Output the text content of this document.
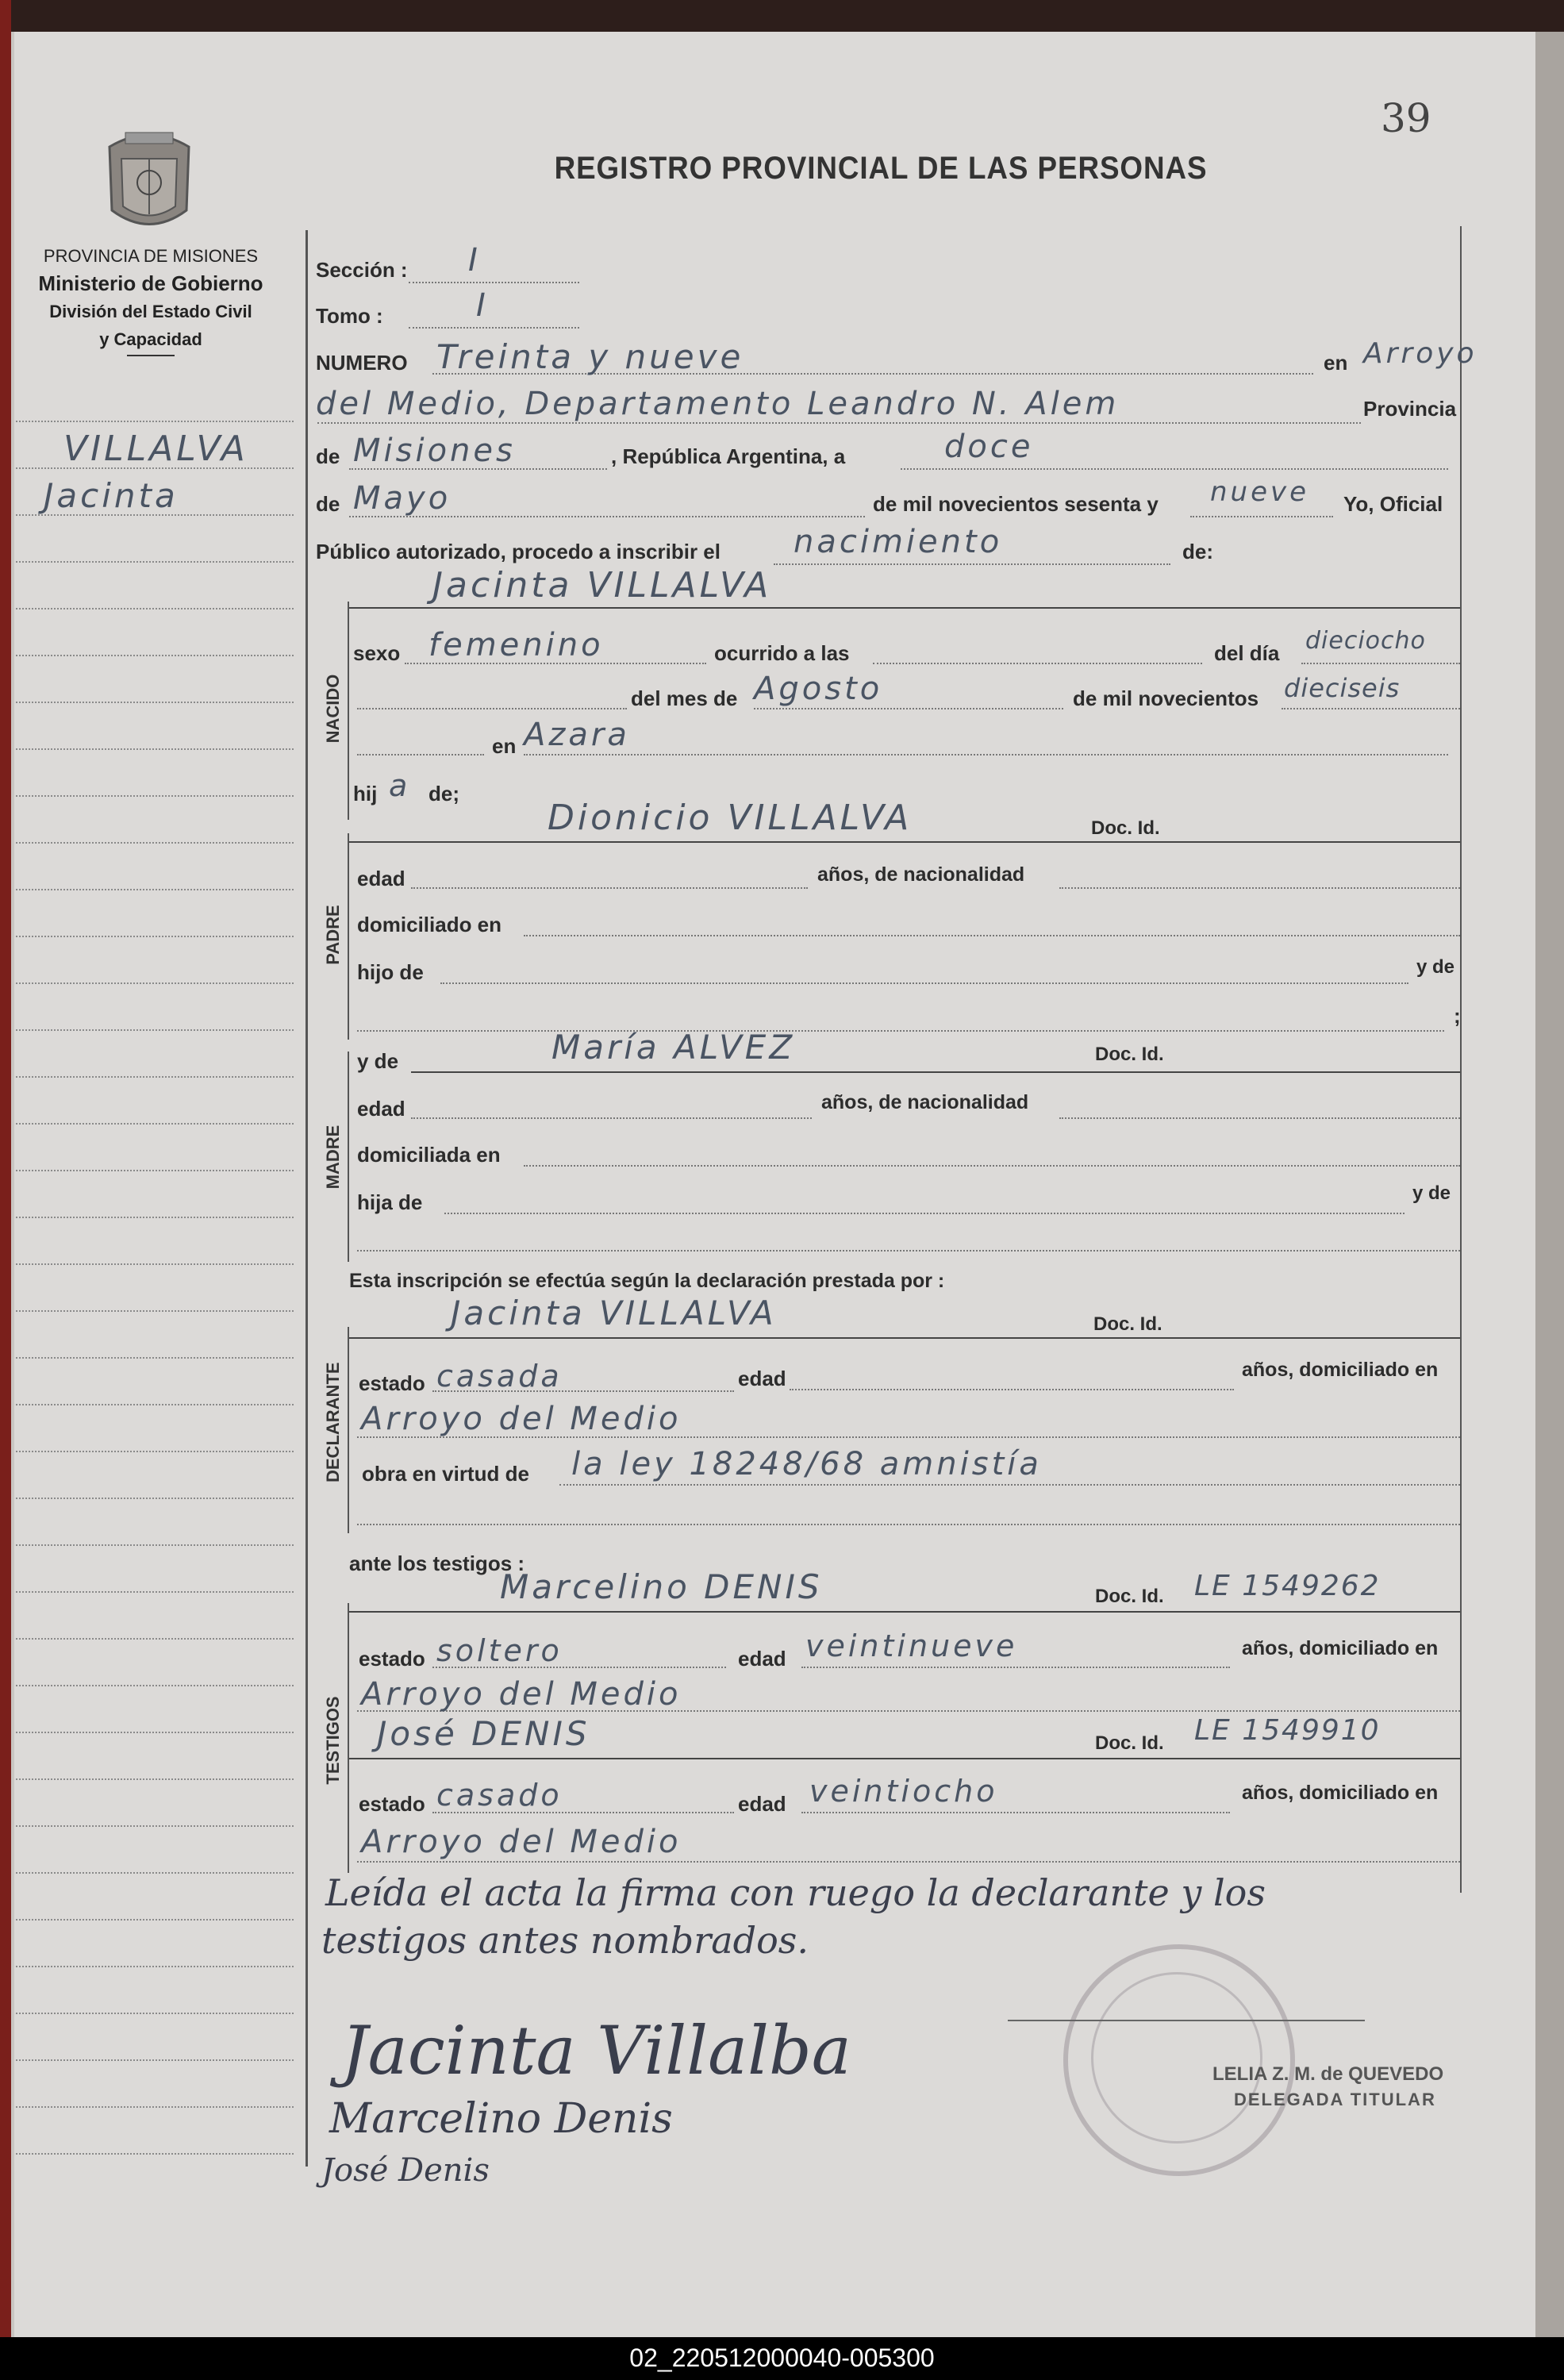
39
REGISTRO PROVINCIAL DE LAS PERSONAS
PROVINCIA DE MISIONES
Ministerio de Gobierno
División del Estado Civil
y Capacidad
VILLALVA
Jacinta
Sección : I
Tomo :	I
NUMERO Treinta y nueve	en Arroyo
del Medio, Departamento Leandro N. Alem	Provincia
de Misiones	, República Argentina, a	doce
de Mayo	de mil novecientos sesenta y nueve Yo, Oficial
Público autorizado, procedo a inscribir el nacimiento	de:
NACIDO
Jacinta VILLALVA
sexo femenino	ocurrido a las	del día dieciocho
del mes de Agosto	de mil novecientos dieciseis
en Azara
hij a de;
PADRE
Dionicio VILLALVA	Doc. Id.
edad	años, de nacionalidad
domiciliado en
hijo de	y de
;
MADRE
y de	María ALVEZ	Doc. Id.
edad	años, de nacionalidad
domiciliada en
hija de	y de
Esta inscripción se efectúa según la declaración prestada por :
DECLARANTE
Jacinta VILLALVA	Doc. Id.
estado casada	edad	años, domiciliado en
Arroyo del Medio
obra en virtud de la ley 18248/68 amnistía
ante los testigos :
TESTIGOS
Marcelino DENIS	Doc. Id. LE 1549262
estado soltero	edad veintinueve	años, domiciliado en
Arroyo del Medio
José DENIS	Doc. Id. LE 1549910
estado casado	edad veintiocho	años, domiciliado en
Arroyo del Medio
Leída el acta la firma con ruego la declarante y los
testigos antes nombrados.
LELIA Z. M. de QUEVEDO
DELEGADA TITULAR
Jacinta Villalba
Marcelino Denis
José Denis
02_220512000040-005300
